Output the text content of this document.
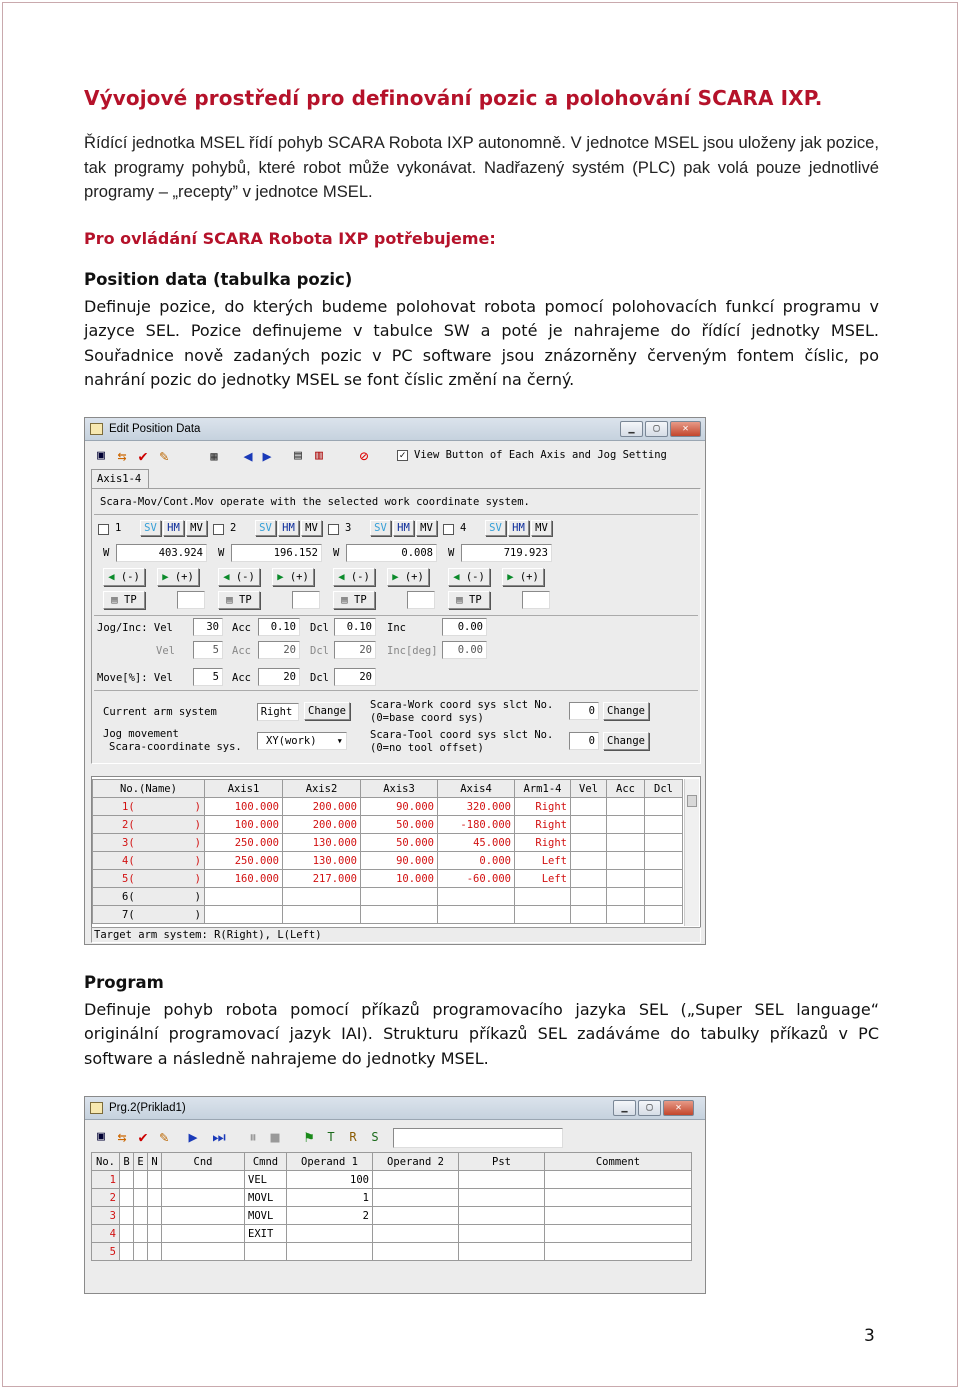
Vývojové prostředí pro definování pozic a polohování SCARA IXP.
Řídící jednotka MSEL řídí pohyb SCARA Robota IXP autonomně. V jednotce MSEL jsou uloženy jak pozice, tak programy pohybů, které robot může vykonávat. Nadřazený systém (PLC) pak volá pouze jednotlivé programy – „recepty” v jednotce MSEL.
Pro ovládání SCARA Robota IXP potřebujeme:
Position data (tabulka pozic)
Definuje pozice, do kterých budeme polohovat robota pomocí polohovacích funkcí programu v jazyce SEL. Pozice definujeme v tabulce SW a poté je nahrajeme do řídící jednotky MSEL. Souřadnice nově zadaných pozic v PC software jsou znázorněny červeným fontem číslic, po nahrání pozic do jednotky MSEL se font číslic změní na černý.
Edit Position Data	▁	▢	✕
▣ ⇆ ✔ ✎	▦	◀ ▶	▤	▥	⊘	✓ View Button of Each Axis and Jog Setting
Axis1-4
Scara-Mov/Cont.Mov operate with the selected work coordinate system.
1	SV HM MV
W	403.924
◀ (-)	▶ (+)
▤ TP
2	SV HM MV
W	196.152
◀ (-)	▶ (+)
▤ TP
3	SV HM MV
W	0.008
◀ (-)	▶ (+)
▤ TP
4	SV HM MV
W	719.923
◀ (-)	▶ (+)
▤ TP
Jog/Inc: Vel	30	Acc	0.10	Dcl	0.10	Inc	0.00
Vel	5	Acc	20	Dcl	20	Inc[deg]	0.00
Move[%]: Vel	5	Acc	20	Dcl	20
Current arm system	Right	Change
Jog movement
Scara-coordinate sys.	XY(work) ▾
Scara-Work coord sys slct No.
(0=base coord sys)
0	Change
Scara-Tool coord sys slct No.
(0=no tool offset)
0	Change
No.(Name)	Axis1	Axis2	Axis3	Axis4	Arm1-4	Vel	Acc	Dcl
1( )	100.000	200.000	90.000	320.000	Right			
2( )	100.000	200.000	50.000	-180.000	Right			
3( )	250.000	130.000	50.000	45.000	Right			
4( )	250.000	130.000	90.000	0.000	Left			
5( )	160.000	217.000	10.000	-60.000	Left			
6( )								

7( )								

Target arm system: R(Right), L(Left)
Program
Definuje pohyb robota pomocí příkazů programovacího jazyka SEL („Super SEL language“ originální programovací jazyk IAI). Strukturu příkazů SEL zadáváme do tabulky příkazů v PC software a následně nahrajeme do jednotky MSEL.
Prg.2(Priklad1)	▁	▢	✕
▣ ⇆ ✔ ✎	▶ ⏭	⏸ ■	⚑	T	R	S
No.	B	E	N	Cnd	Cmnd	Operand 1	Operand 2	Pst	Comment
1					VEL	100			
2					MOVL	1			
3					MOVL	2			
4					EXIT				
5									
3
